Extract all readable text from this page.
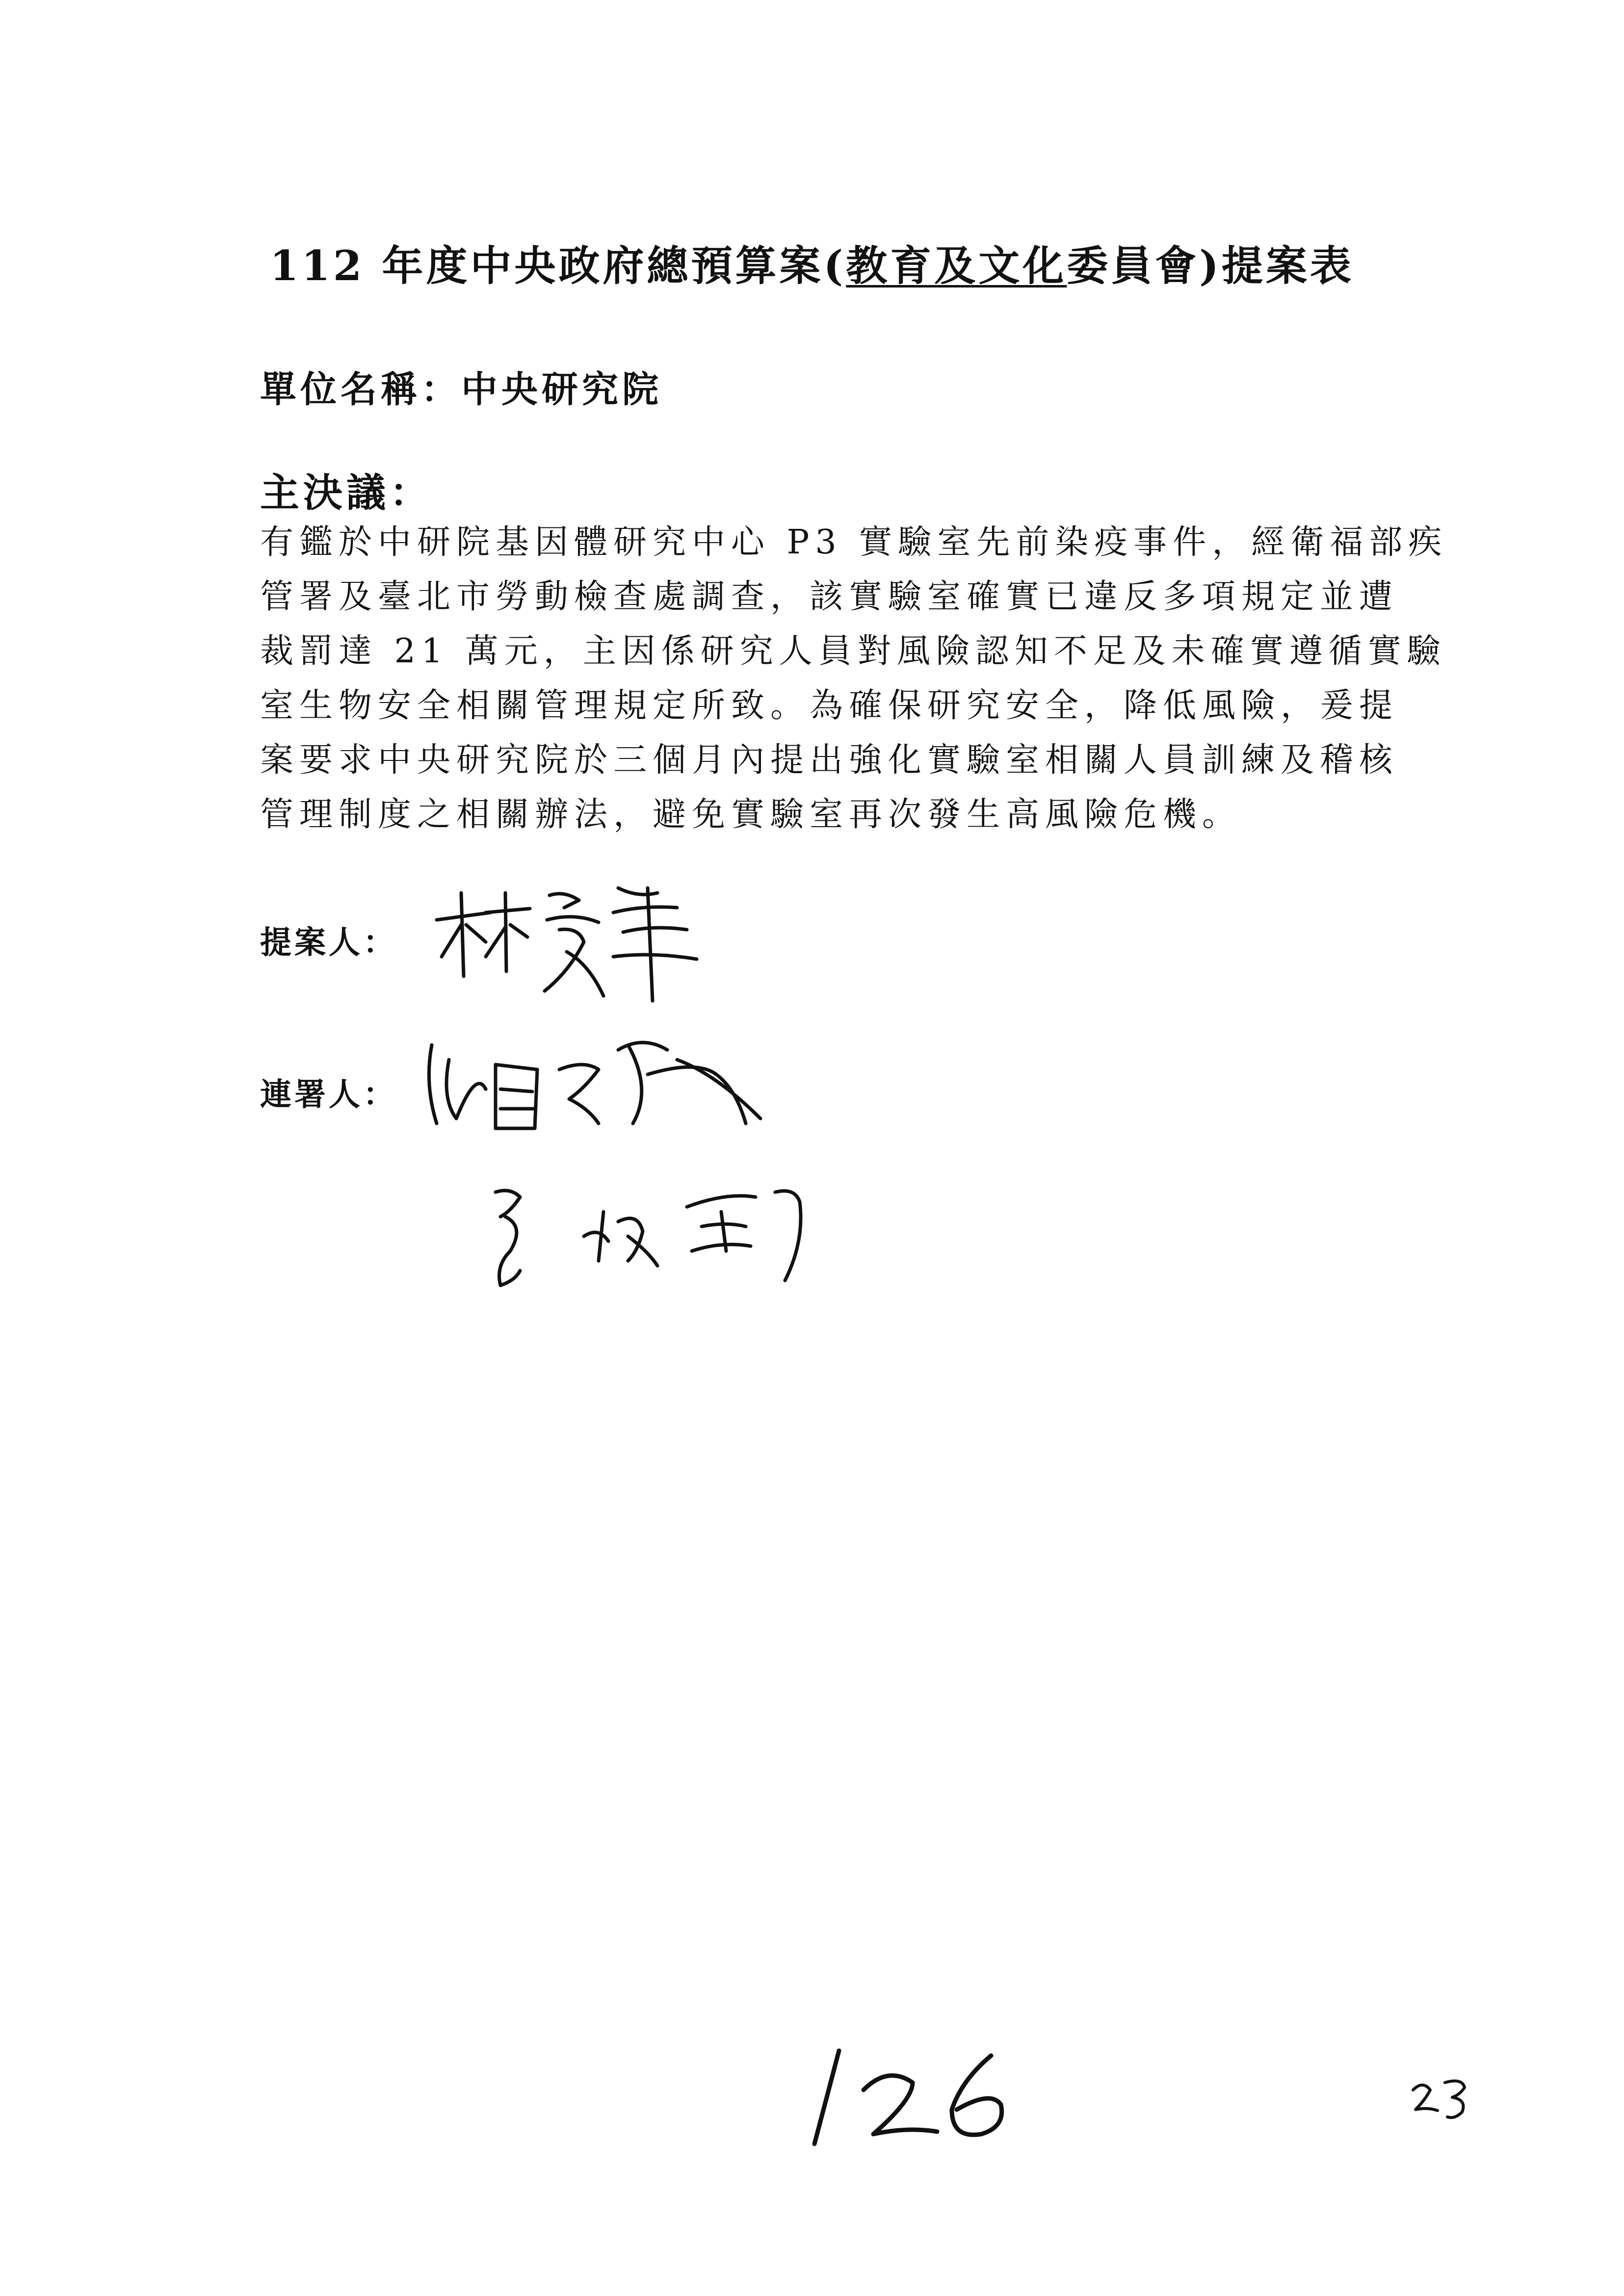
112 年度中央政府總預算案(教育及文化委員會)提案表
單位名稱：中央研究院
主決議：
有鑑於中研院基因體研究中心 P3 實驗室先前染疫事件，經衛福部疾
管署及臺北市勞動檢查處調查，該實驗室確實已違反多項規定並遭
裁罰達 21 萬元，主因係研究人員對風險認知不足及未確實遵循實驗
室生物安全相關管理規定所致。為確保研究安全，降低風險，爰提
案要求中央研究院於三個月內提出強化實驗室相關人員訓練及稽核
管理制度之相關辦法，避免實驗室再次發生高風險危機。
提案人：
連署人：
